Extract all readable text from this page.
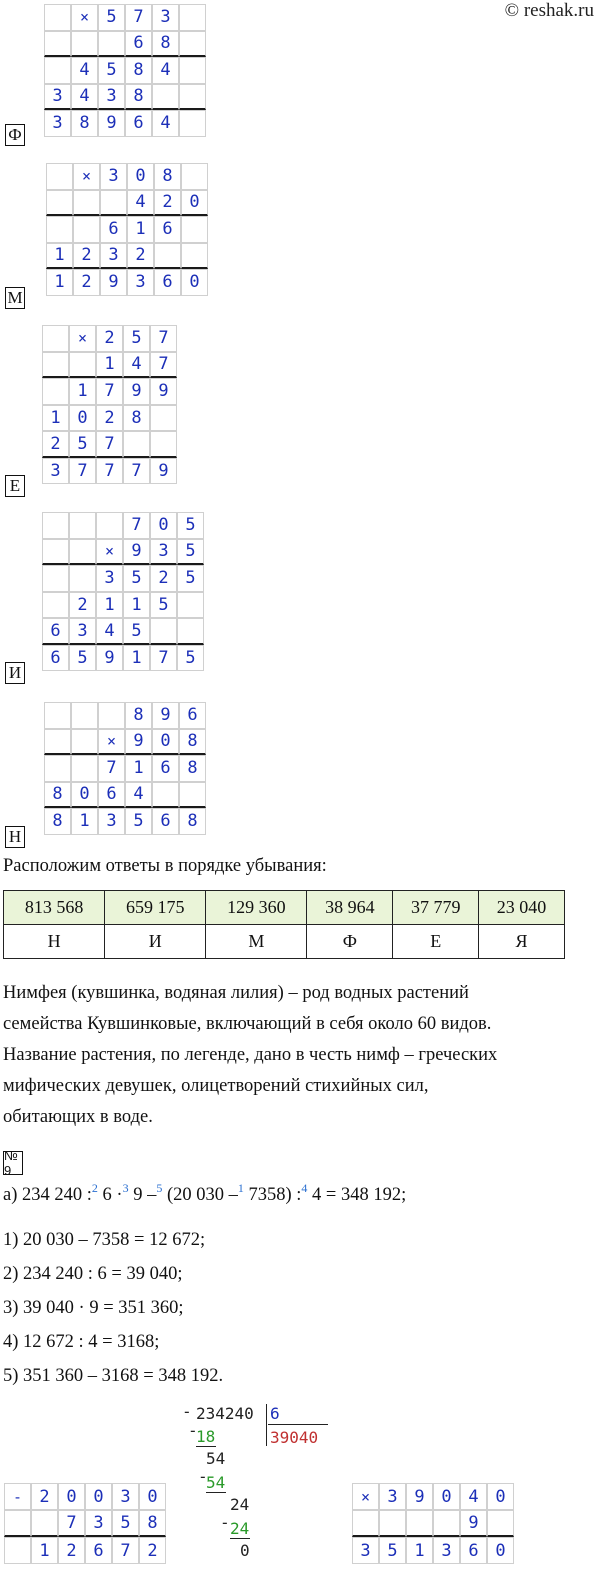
© reshak.ru
×	5 7 3
6 8
4 5 8 4
3 4 3 8
3 8 9 6 4
Ф
×	3 0 8
4 2 0
6 1 6
1 2 3 2
1 2 9 3 6 0
М
×	2 5 7
1 4 7
1 7 9 9
1 0 2 8
2 5 7
3 7 7 7 9
Е
7 0 5
×	9 3 5
3 5 2 5
2 1 1 5
6 3 4 5
6 5 9 1 7 5
И
8 9 6
×	9 0 8
7 1 6 8
8 0 6 4
8 1 3 5 6 8
Н
Расположим ответы в порядке убывания:
813 568	659 175	129 360	38 964	37 779	23 040
Н	И	М	Ф	Е	Я

Нимфея (кувшинка, водяная лилия) – род водных растений

семейства Кувшинковые, включающий в себя около 60 видов.

Название растения, по легенде, дано в честь нимф – греческих

мифических девушек, олицетворений стихийных сил,

обитающих в воде.

№ 9
а) 234 240 :$^2$ 6 ·$^3$ 9 –$^5$ (20 030 –$^1$ 7358) :$^4$ 4 = 348 192;
1) 20 030 – 7358 = 12 672;
2) 234 240 : 6 = 39 040;
3) 39 040 · 9 = 351 360;
4) 12 672 : 4 = 3168;
5) 351 360 – 3168 = 348 192.
- 234240 6
39040
-
18
54
-
54
24
- 24
0
-	2 0 0 3 0
7 3 5 8
1 2 6 7 2
×	3 9 0 4 0
9
3 5 1 3 6 0
